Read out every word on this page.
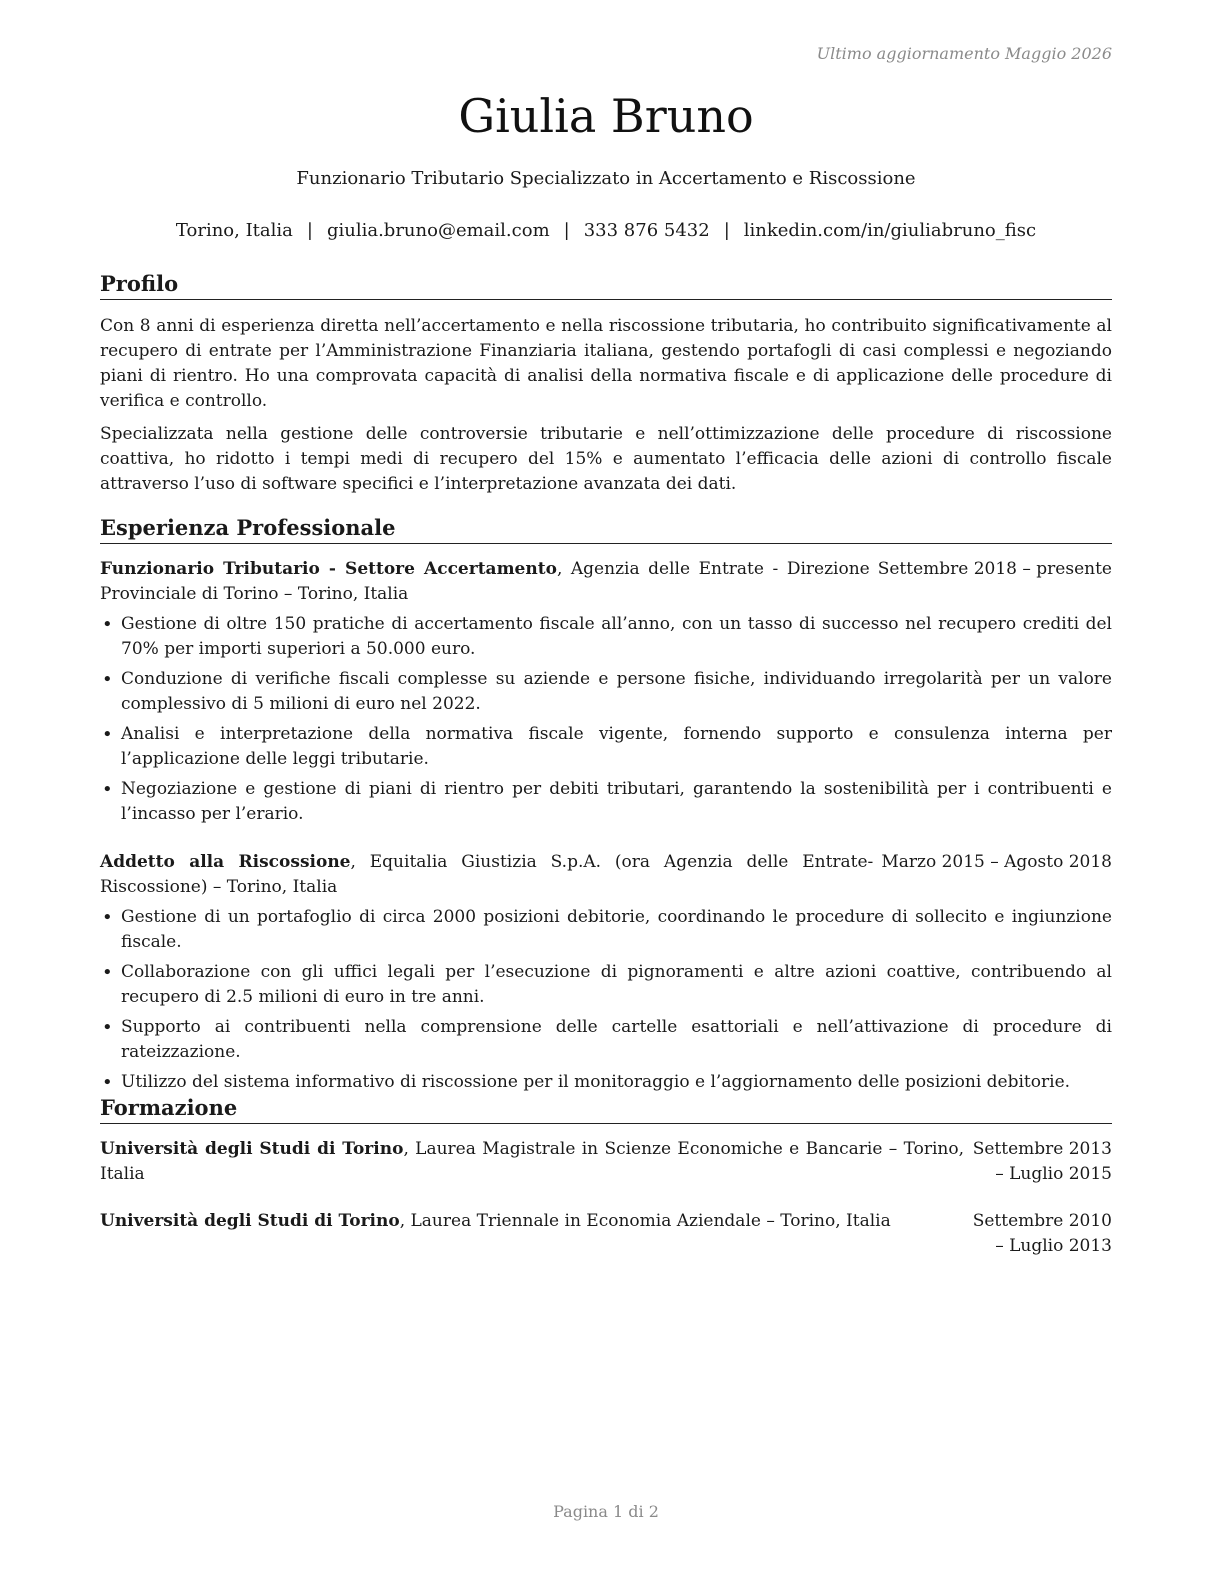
Ultimo aggiornamento Maggio 2026
Giulia Bruno
Funzionario Tributario Specializzato in Accertamento e Riscossione
Torino, Italia | giulia.bruno@email.com | 333 876 5432 | linkedin.com/in/giuliabruno_fisc
Profilo

Con 8 anni di esperienza diretta nell’accertamento e nella riscossione tributaria, ho contribuito significativamente al recupero di entrate per l’Amministrazione Finanziaria italiana, gestendo portafogli di casi complessi e negoziando piani di rientro. Ho una comprovata capacità di analisi della normativa fiscale e di applicazione delle procedure di verifica e controllo.

Specializzata nella gestione delle controversie tributarie e nell’ottimizzazione delle procedure di riscossione coattiva, ho ridotto i tempi medi di recupero del 15% e aumentato l’efficacia delle azioni di controllo fiscale attraverso l’uso di software specifici e l’interpretazione avanzata dei dati.

Esperienza Professionale
Funzionario Tributario - Settore Accertamento, Agenzia delle Entrate - Direzione Provinciale di Torino – Torino, Italia
Settembre 2018 – presente
• Gestione di oltre 150 pratiche di accertamento fiscale all’anno, con un tasso di successo nel recupero crediti del 70% per importi superiori a 50.000 euro.
• Conduzione di verifiche fiscali complesse su aziende e persone fisiche, individuando irregolarità per un valore complessivo di 5 milioni di euro nel 2022.
• Analisi e interpretazione della normativa fiscale vigente, fornendo supporto e consulenza interna per l’applicazione delle leggi tributarie.
• Negoziazione e gestione di piani di rientro per debiti tributari, garantendo la sostenibilità per i contribuenti e l’incasso per l’erario.
Addetto alla Riscossione, Equitalia Giustizia S.p.A. (ora Agenzia delle Entrate-Riscossione) – Torino, Italia
Marzo 2015 – Agosto 2018
• Gestione di un portafoglio di circa 2000 posizioni debitorie, coordinando le procedure di sollecito e ingiunzione fiscale.
• Collaborazione con gli uffici legali per l’esecuzione di pignoramenti e altre azioni coattive, contribuendo al recupero di 2.5 milioni di euro in tre anni.
• Supporto ai contribuenti nella comprensione delle cartelle esattoriali e nell’attivazione di procedure di rateizzazione.
• Utilizzo del sistema informativo di riscossione per il monitoraggio e l’aggiornamento delle posizioni debitorie.
Formazione
Università degli Studi di Torino, Laurea Magistrale in Scienze Economiche e Bancarie – Torino, Italia
Settembre 2013 – Luglio 2015
Università degli Studi di Torino, Laurea Triennale in Economia Aziendale – Torino, Italia	Settembre 2010 – Luglio 2013
Pagina 1 di 2
